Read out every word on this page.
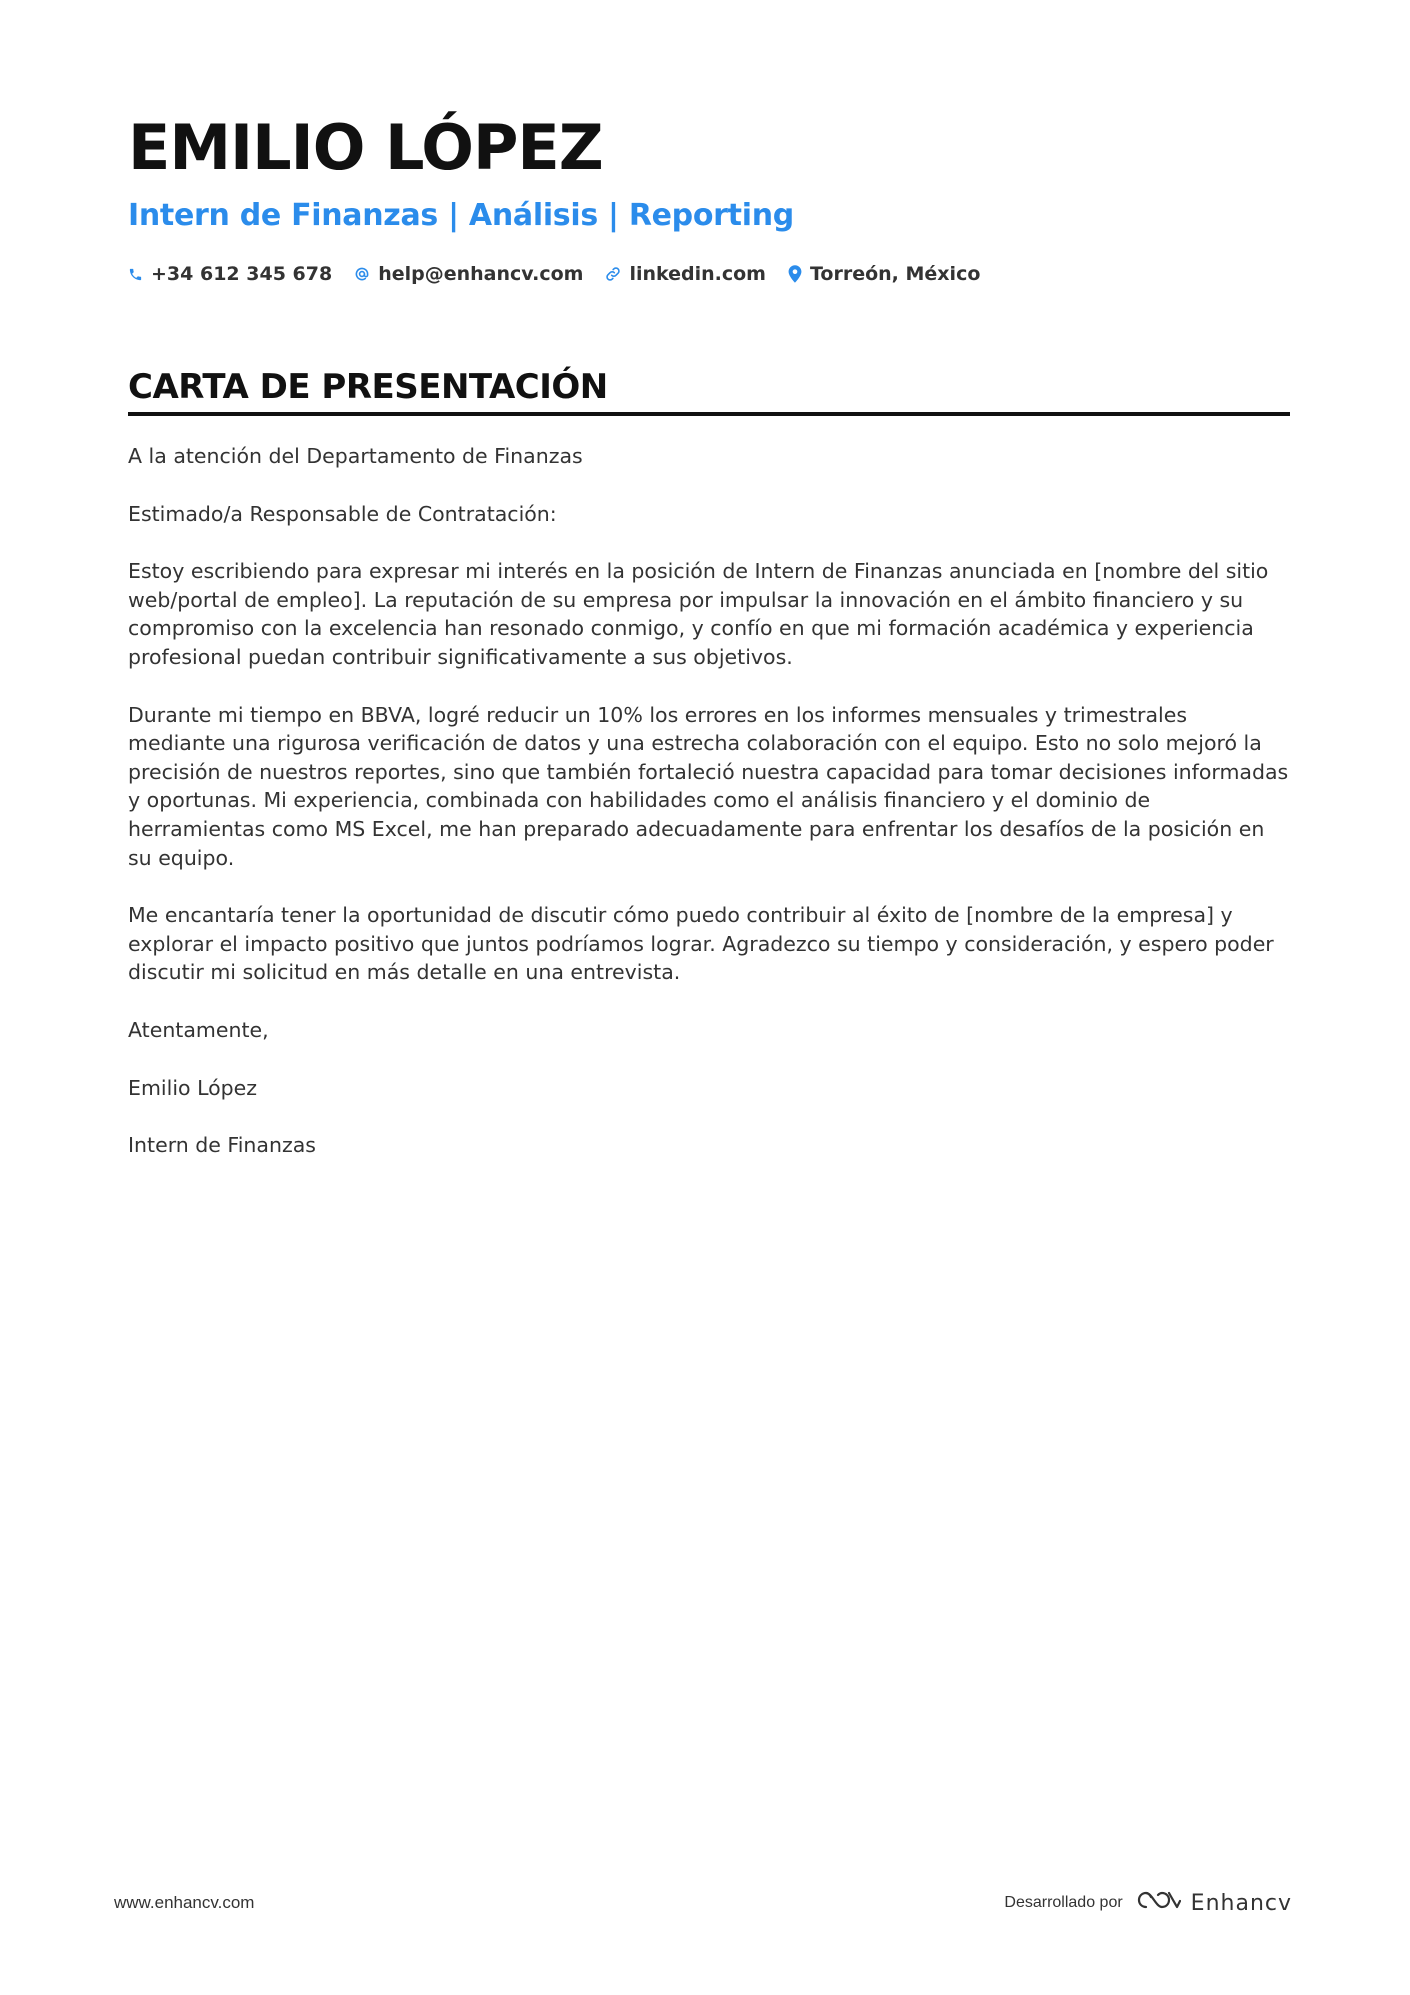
EMILIO LÓPEZ
Intern de Finanzas | Análisis | Reporting
+34 612 345 678 help@enhancv.com linkedin.com Torreón, México
CARTA DE PRESENTACIÓN

A la atención del Departamento de Finanzas

Estimado/a Responsable de Contratación:

Estoy escribiendo para expresar mi interés en la posición de Intern de Finanzas anunciada en [nombre del sitio web/portal de empleo]. La reputación de su empresa por impulsar la innovación en el ámbito financiero y su compromiso con la excelencia han resonado conmigo, y confío en que mi formación académica y experiencia profesional puedan contribuir significativamente a sus objetivos.

Durante mi tiempo en BBVA, logré reducir un 10% los errores en los informes mensuales y trimestrales mediante una rigurosa verificación de datos y una estrecha colaboración con el equipo. Esto no solo mejoró la precisión de nuestros reportes, sino que también fortaleció nuestra capacidad para tomar decisiones informadas y oportunas. Mi experiencia, combinada con habilidades como el análisis financiero y el dominio de herramientas como MS Excel, me han preparado adecuadamente para enfrentar los desafíos de la posición en su equipo.

Me encantaría tener la oportunidad de discutir cómo puedo contribuir al éxito de [nombre de la empresa] y explorar el impacto positivo que juntos podríamos lograr. Agradezco su tiempo y consideración, y espero poder discutir mi solicitud en más detalle en una entrevista.

Atentamente,

Emilio López

Intern de Finanzas

www.enhancv.com	Desarrollado por	Enhancv
